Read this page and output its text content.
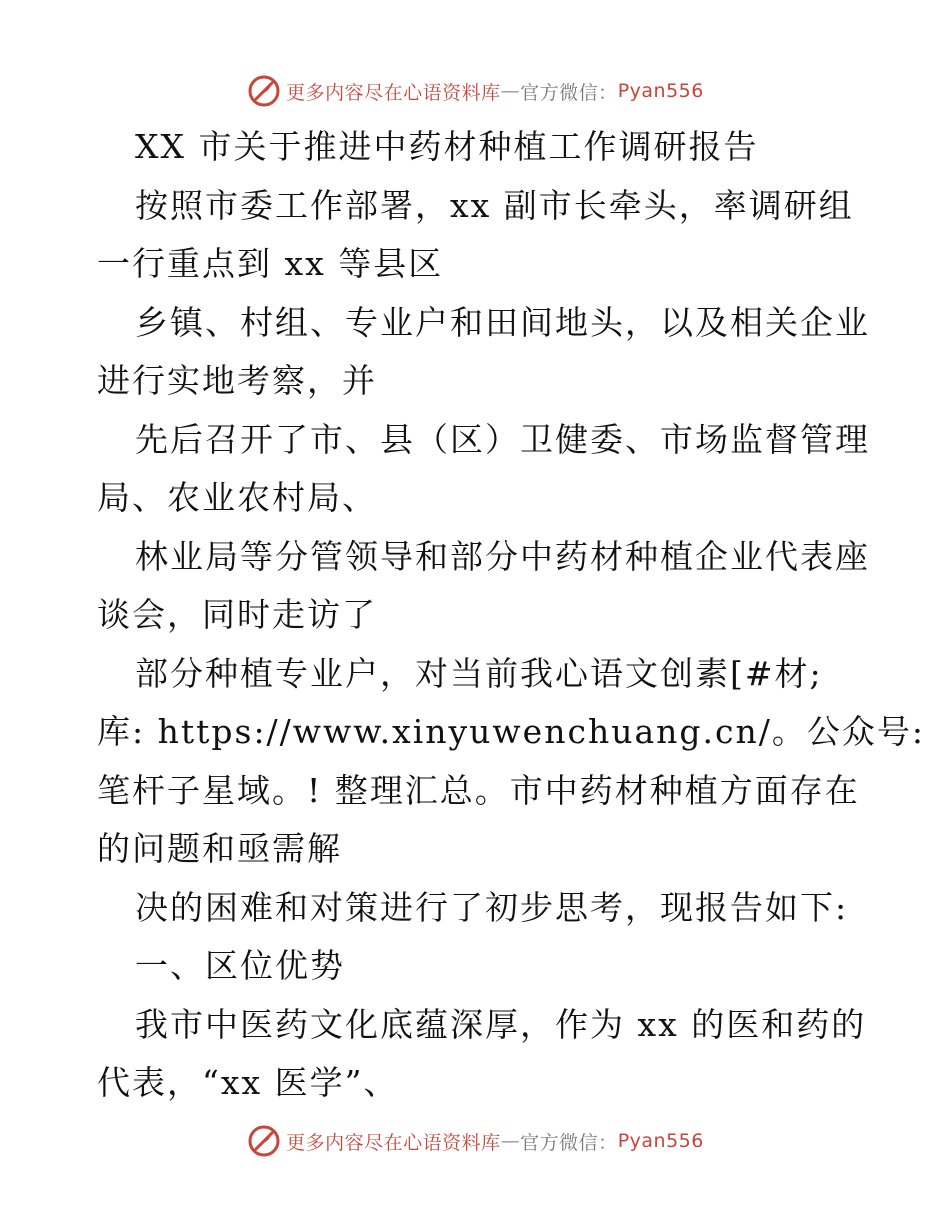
更多内容尽在心语资料库 — 官方微信： Pyan556
XX 市关于推进中药材种植工作调研报告
按照市委工作部署，xx 副市长牵头，率调研组
一行重点到 xx 等县区
乡镇、村组、专业户和田间地头，以及相关企业
进行实地考察，并
先后召开了市、县（区）卫健委、市场监督管理
局、农业农村局、
林业局等分管领导和部分中药材种植企业代表座
谈会，同时走访了
部分种植专业户，对当前我心语文创素[#材;
库: https://www.xinyuwenchuang.cn/。公众号:
笔杆子星域。! 整理汇总。市中药材种植方面存在
的问题和亟需解
决的困难和对策进行了初步思考，现报告如下:
一、区位优势
我市中医药文化底蕴深厚，作为 xx 的医和药的
代表，“xx 医学”、
更多内容尽在心语资料库 — 官方微信： Pyan556
